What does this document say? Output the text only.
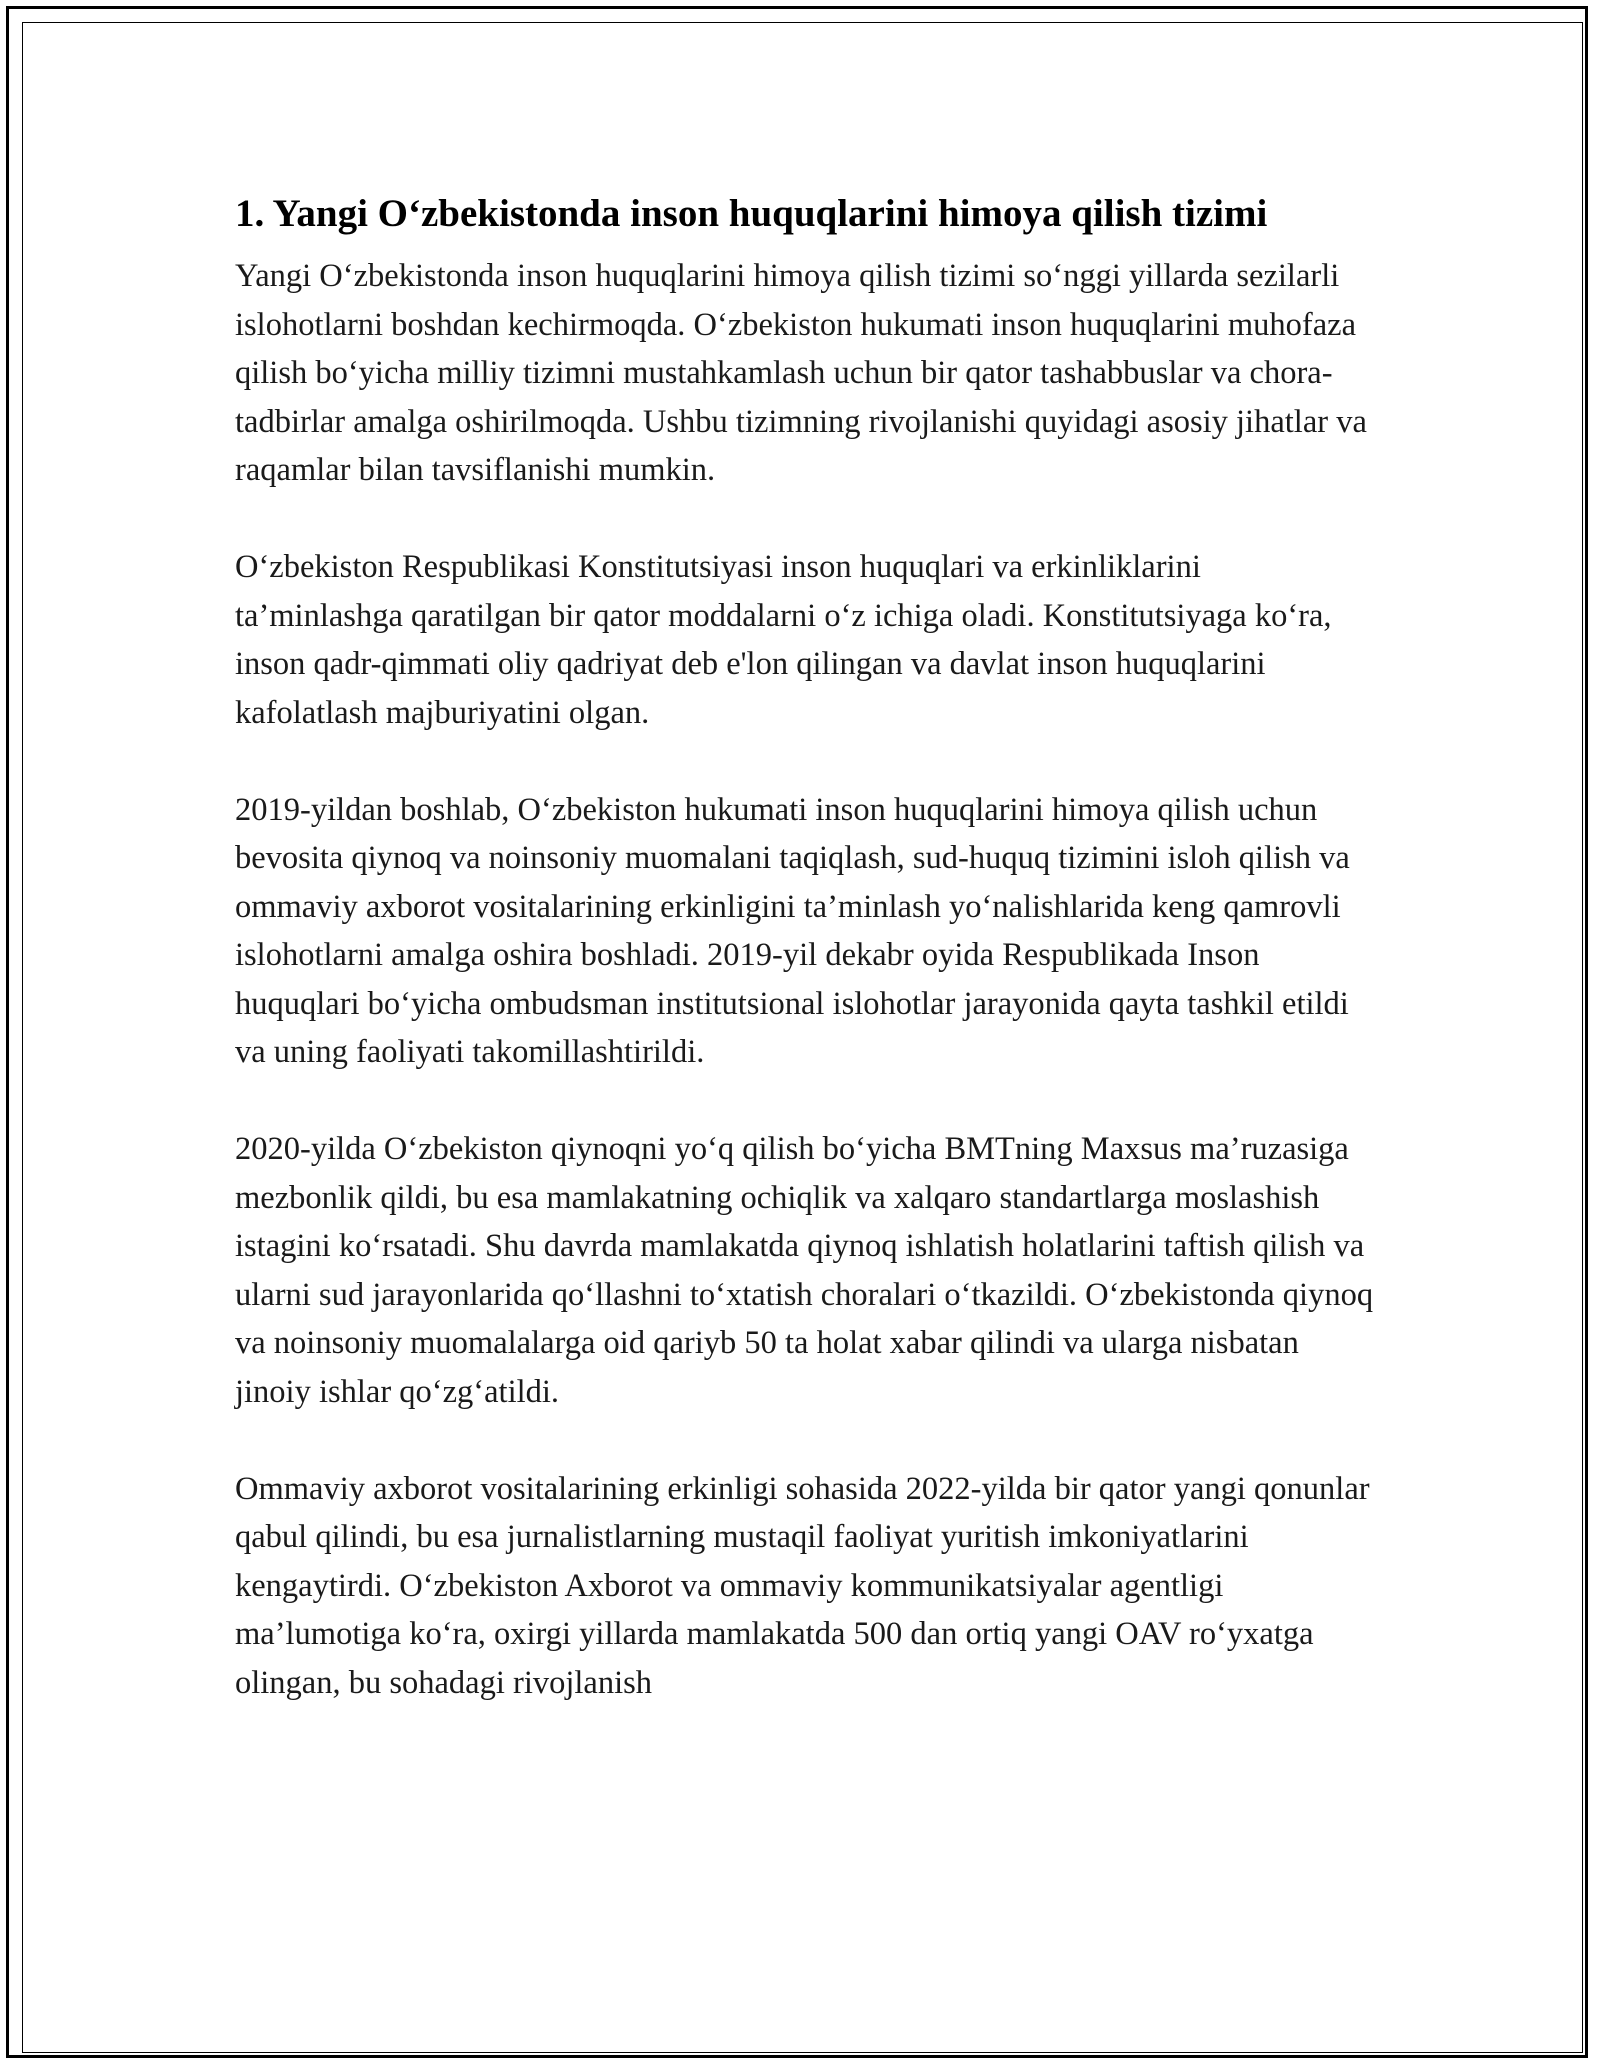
1. Yangi O‘zbekistonda inson huquqlarini himoya qilish tizimi

Yangi O‘zbekistonda inson huquqlarini himoya qilish tizimi so‘nggi yillarda sezilarli islohotlarni boshdan kechirmoqda. O‘zbekiston hukumati inson huquqlarini muhofaza qilish bo‘yicha milliy tizimni mustahkamlash uchun bir qator tashabbuslar va chora-tadbirlar amalga oshirilmoqda. Ushbu tizimning rivojlanishi quyidagi asosiy jihatlar va raqamlar bilan tavsiflanishi mumkin.

O‘zbekiston Respublikasi Konstitutsiyasi inson huquqlari va erkinliklarini ta’minlashga qaratilgan bir qator moddalarni o‘z ichiga oladi. Konstitutsiyaga ko‘ra, inson qadr-qimmati oliy qadriyat deb e'lon qilingan va davlat inson huquqlarini kafolatlash majburiyatini olgan.

2019-yildan boshlab, O‘zbekiston hukumati inson huquqlarini himoya qilish uchun bevosita qiynoq va noinsoniy muomalani taqiqlash, sud-huquq tizimini isloh qilish va ommaviy axborot vositalarining erkinligini ta’minlash yo‘nalishlarida keng qamrovli islohotlarni amalga oshira boshladi. 2019-yil dekabr oyida Respublikada Inson huquqlari bo‘yicha ombudsman institutsional islohotlar jarayonida qayta tashkil etildi va uning faoliyati takomillashtirildi.

2020-yilda O‘zbekiston qiynoqni yo‘q qilish bo‘yicha BMTning Maxsus ma’ruzasiga mezbonlik qildi, bu esa mamlakatning ochiqlik va xalqaro standartlarga moslashish istagini ko‘rsatadi. Shu davrda mamlakatda qiynoq ishlatish holatlarini taftish qilish va ularni sud jarayonlarida qo‘llashni to‘xtatish choralari o‘tkazildi. O‘zbekistonda qiynoq va noinsoniy muomalalarga oid qariyb 50 ta holat xabar qilindi va ularga nisbatan jinoiy ishlar qo‘zg‘atildi.

Ommaviy axborot vositalarining erkinligi sohasida 2022-yilda bir qator yangi qonunlar qabul qilindi, bu esa jurnalistlarning mustaqil faoliyat yuritish imkoniyatlarini kengaytirdi. O‘zbekiston Axborot va ommaviy kommunikatsiyalar agentligi ma’lumotiga ko‘ra, oxirgi yillarda mamlakatda 500 dan ortiq yangi OAV ro‘yxatga olingan, bu sohadagi rivojlanish
